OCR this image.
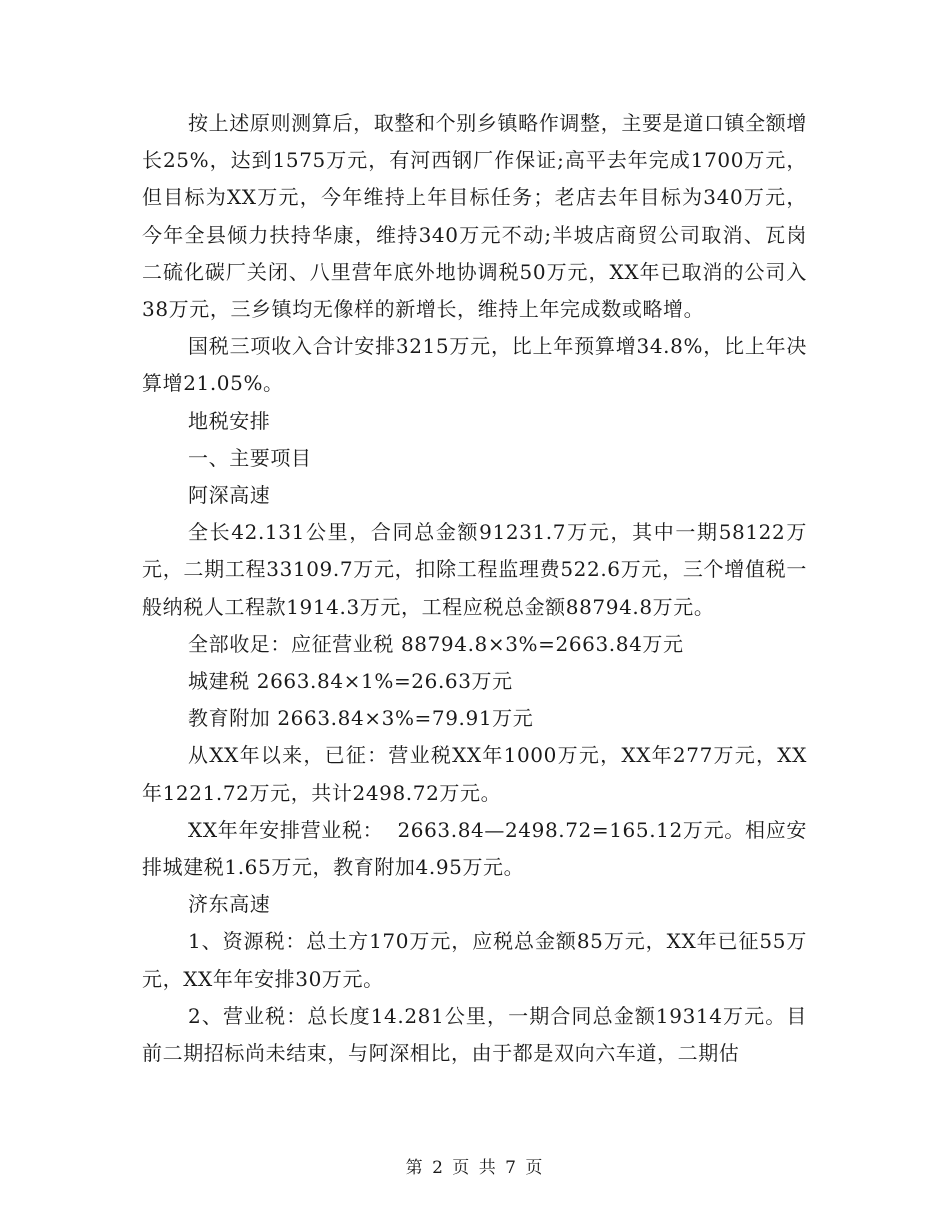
按上述原则测算后，取整和个别乡镇略作调整，主要是道口镇全额增长25%，达到1575万元，有河西钢厂作保证;高平去年完成1700万元，但目标为XX万元，今年维持上年目标任务；老店去年目标为340万元，今年全县倾力扶持华康，维持340万元不动;半坡店商贸公司取消、瓦岗二硫化碳厂关闭、八里营年底外地协调税50万元，XX年已取消的公司入38万元，三乡镇均无像样的新增长，维持上年完成数或略增。

国税三项收入合计安排3215万元，比上年预算增34.8%，比上年决算增21.05%。

地税安排

一、主要项目

阿深高速

全长42.131公里，合同总金额91231.7万元，其中一期58122万元，二期工程33109.7万元，扣除工程监理费522.6万元，三个增值税一般纳税人工程款1914.3万元，工程应税总金额88794.8万元。

全部收足：应征营业税 88794.8×3%=2663.84万元

城建税 2663.84×1%=26.63万元

教育附加 2663.84×3%=79.91万元

从XX年以来，已征：营业税XX年1000万元，XX年277万元，XX年1221.72万元，共计2498.72万元。

XX年年安排营业税：  2663.84—2498.72=165.12万元。相应安排城建税1.65万元，教育附加4.95万元。

济东高速

1、资源税：总土方170万元，应税总金额85万元，XX年已征55万元，XX年年安排30万元。

2、营业税：总长度14.281公里，一期合同总金额19314万元。目前二期招标尚未结束，与阿深相比，由于都是双向六车道，二期估

第 2 页 共 7 页
